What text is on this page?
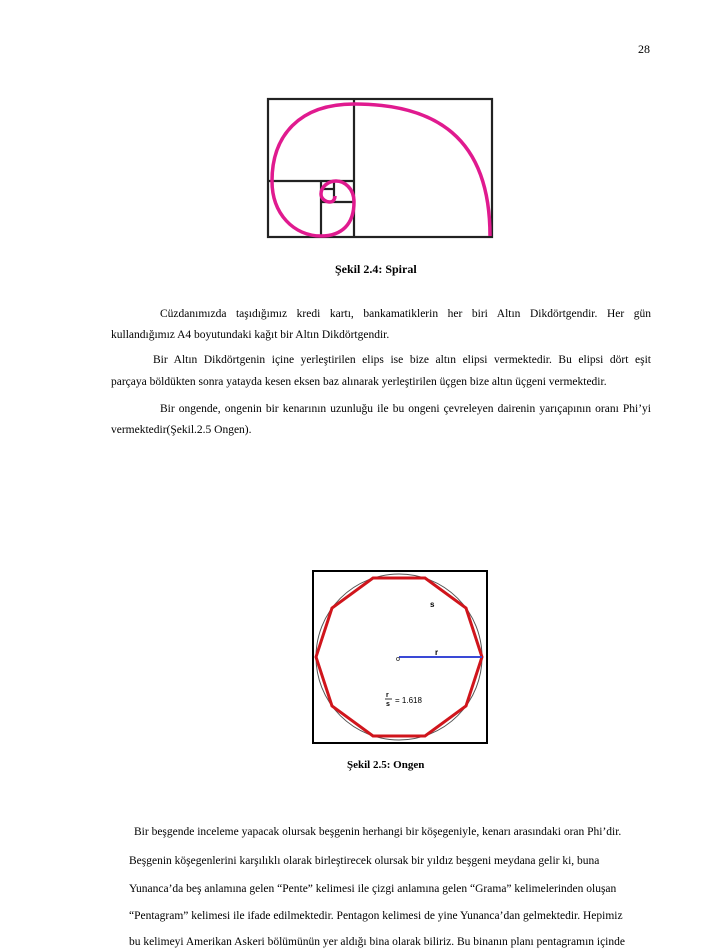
28
Şekil 2.4: Spiral
Cüzdanımızda taşıdığımız kredi kartı, bankamatiklerin her biri Altın Dikdörtgendir. Her gün
kullandığımız A4 boyutundaki kağıt bir Altın Dikdörtgendir.
Bir Altın Dikdörtgenin içine yerleştirilen elips ise bize altın elipsi vermektedir. Bu elipsi dört eşit
parçaya böldükten sonra yatayda kesen eksen baz alınarak yerleştirilen üçgen bize altın üçgeni vermektedir.
Bir ongende, ongenin bir kenarının uzunluğu ile bu ongeni çevreleyen dairenin yarıçapının oranı Phi’yi
vermektedir(Şekil.2.5 Ongen).
o
r
s
r
s = 1.618
Şekil 2.5: Ongen
Bir beşgende inceleme yapacak olursak beşgenin herhangi bir köşegeniyle, kenarı arasındaki oran Phi’dir.
Beşgenin köşegenlerini karşılıklı olarak birleştirecek olursak bir yıldız beşgeni meydana gelir ki, buna
Yunanca’da beş anlamına gelen “Pente” kelimesi ile çizgi anlamına gelen “Grama” kelimelerinden oluşan
“Pentagram” kelimesi ile ifade edilmektedir. Pentagon kelimesi de yine Yunanca’dan gelmektedir. Hepimiz
bu kelimeyi Amerikan Askeri bölümünün yer aldığı bina olarak biliriz. Bu binanın planı pentagramın içinde
